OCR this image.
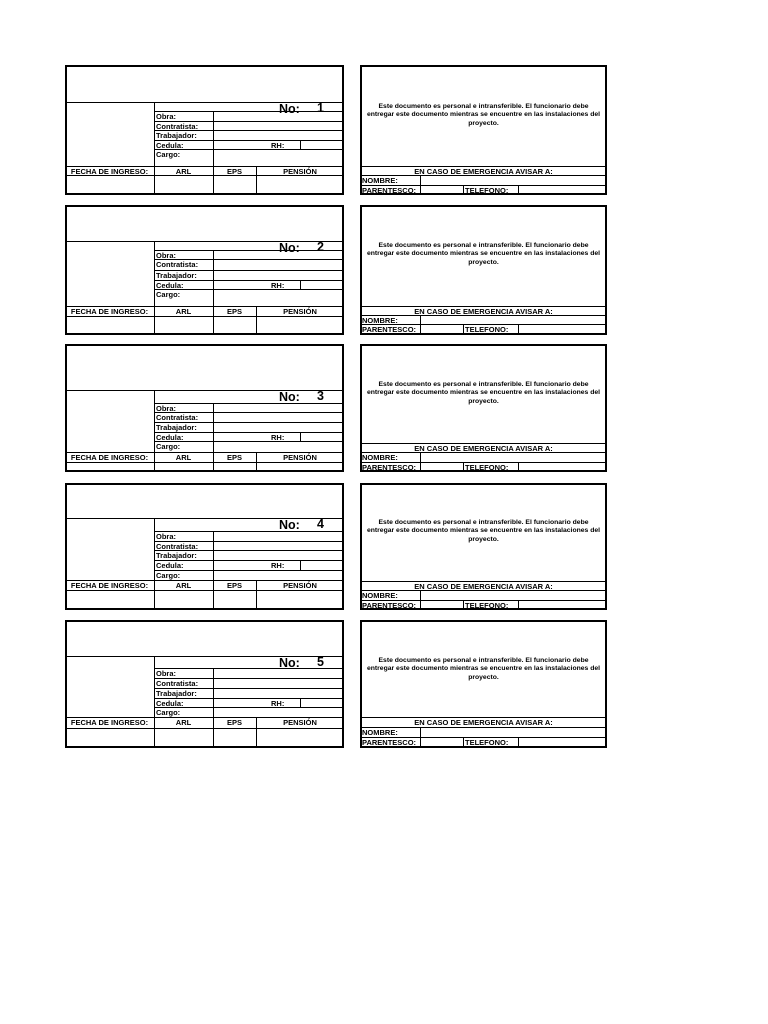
No: 1
Obra:
Contratista:
Trabajador:
Cedula:
Cargo:
RH:
FECHA DE INGRESO:	ARL	EPS	PENSIÓN
Este documento es personal e intransferible. El funcionario debe entregar este documento mientras se encuentre en las instalaciones del proyecto.
EN CASO DE EMERGENCIA AVISAR A:
NOMBRE:
PARENTESCO:	TELEFONO:
No: 2
Obra:
Contratista:
Trabajador:
Cedula:
Cargo:
RH:
FECHA DE INGRESO:	ARL	EPS	PENSIÓN
Este documento es personal e intransferible. El funcionario debe entregar este documento mientras se encuentre en las instalaciones del proyecto.
EN CASO DE EMERGENCIA AVISAR A:
NOMBRE:
PARENTESCO:	TELEFONO:
No: 3
Obra:
Contratista:
Trabajador:
Cedula:
Cargo:
RH:
FECHA DE INGRESO:	ARL	EPS	PENSIÓN
Este documento es personal e intransferible. El funcionario debe entregar este documento mientras se encuentre en las instalaciones del proyecto.
EN CASO DE EMERGENCIA AVISAR A:
NOMBRE:
PARENTESCO:	TELEFONO:
No: 4
Obra:
Contratista:
Trabajador:
Cedula:
Cargo:
RH:
FECHA DE INGRESO:	ARL	EPS	PENSIÓN
Este documento es personal e intransferible. El funcionario debe entregar este documento mientras se encuentre en las instalaciones del proyecto.
EN CASO DE EMERGENCIA AVISAR A:
NOMBRE:
PARENTESCO:	TELEFONO:
No: 5
Obra:
Contratista:
Trabajador:
Cedula:
Cargo:
RH:
FECHA DE INGRESO:	ARL	EPS	PENSIÓN
Este documento es personal e intransferible. El funcionario debe entregar este documento mientras se encuentre en las instalaciones del proyecto.
EN CASO DE EMERGENCIA AVISAR A:
NOMBRE:
PARENTESCO:	TELEFONO:
